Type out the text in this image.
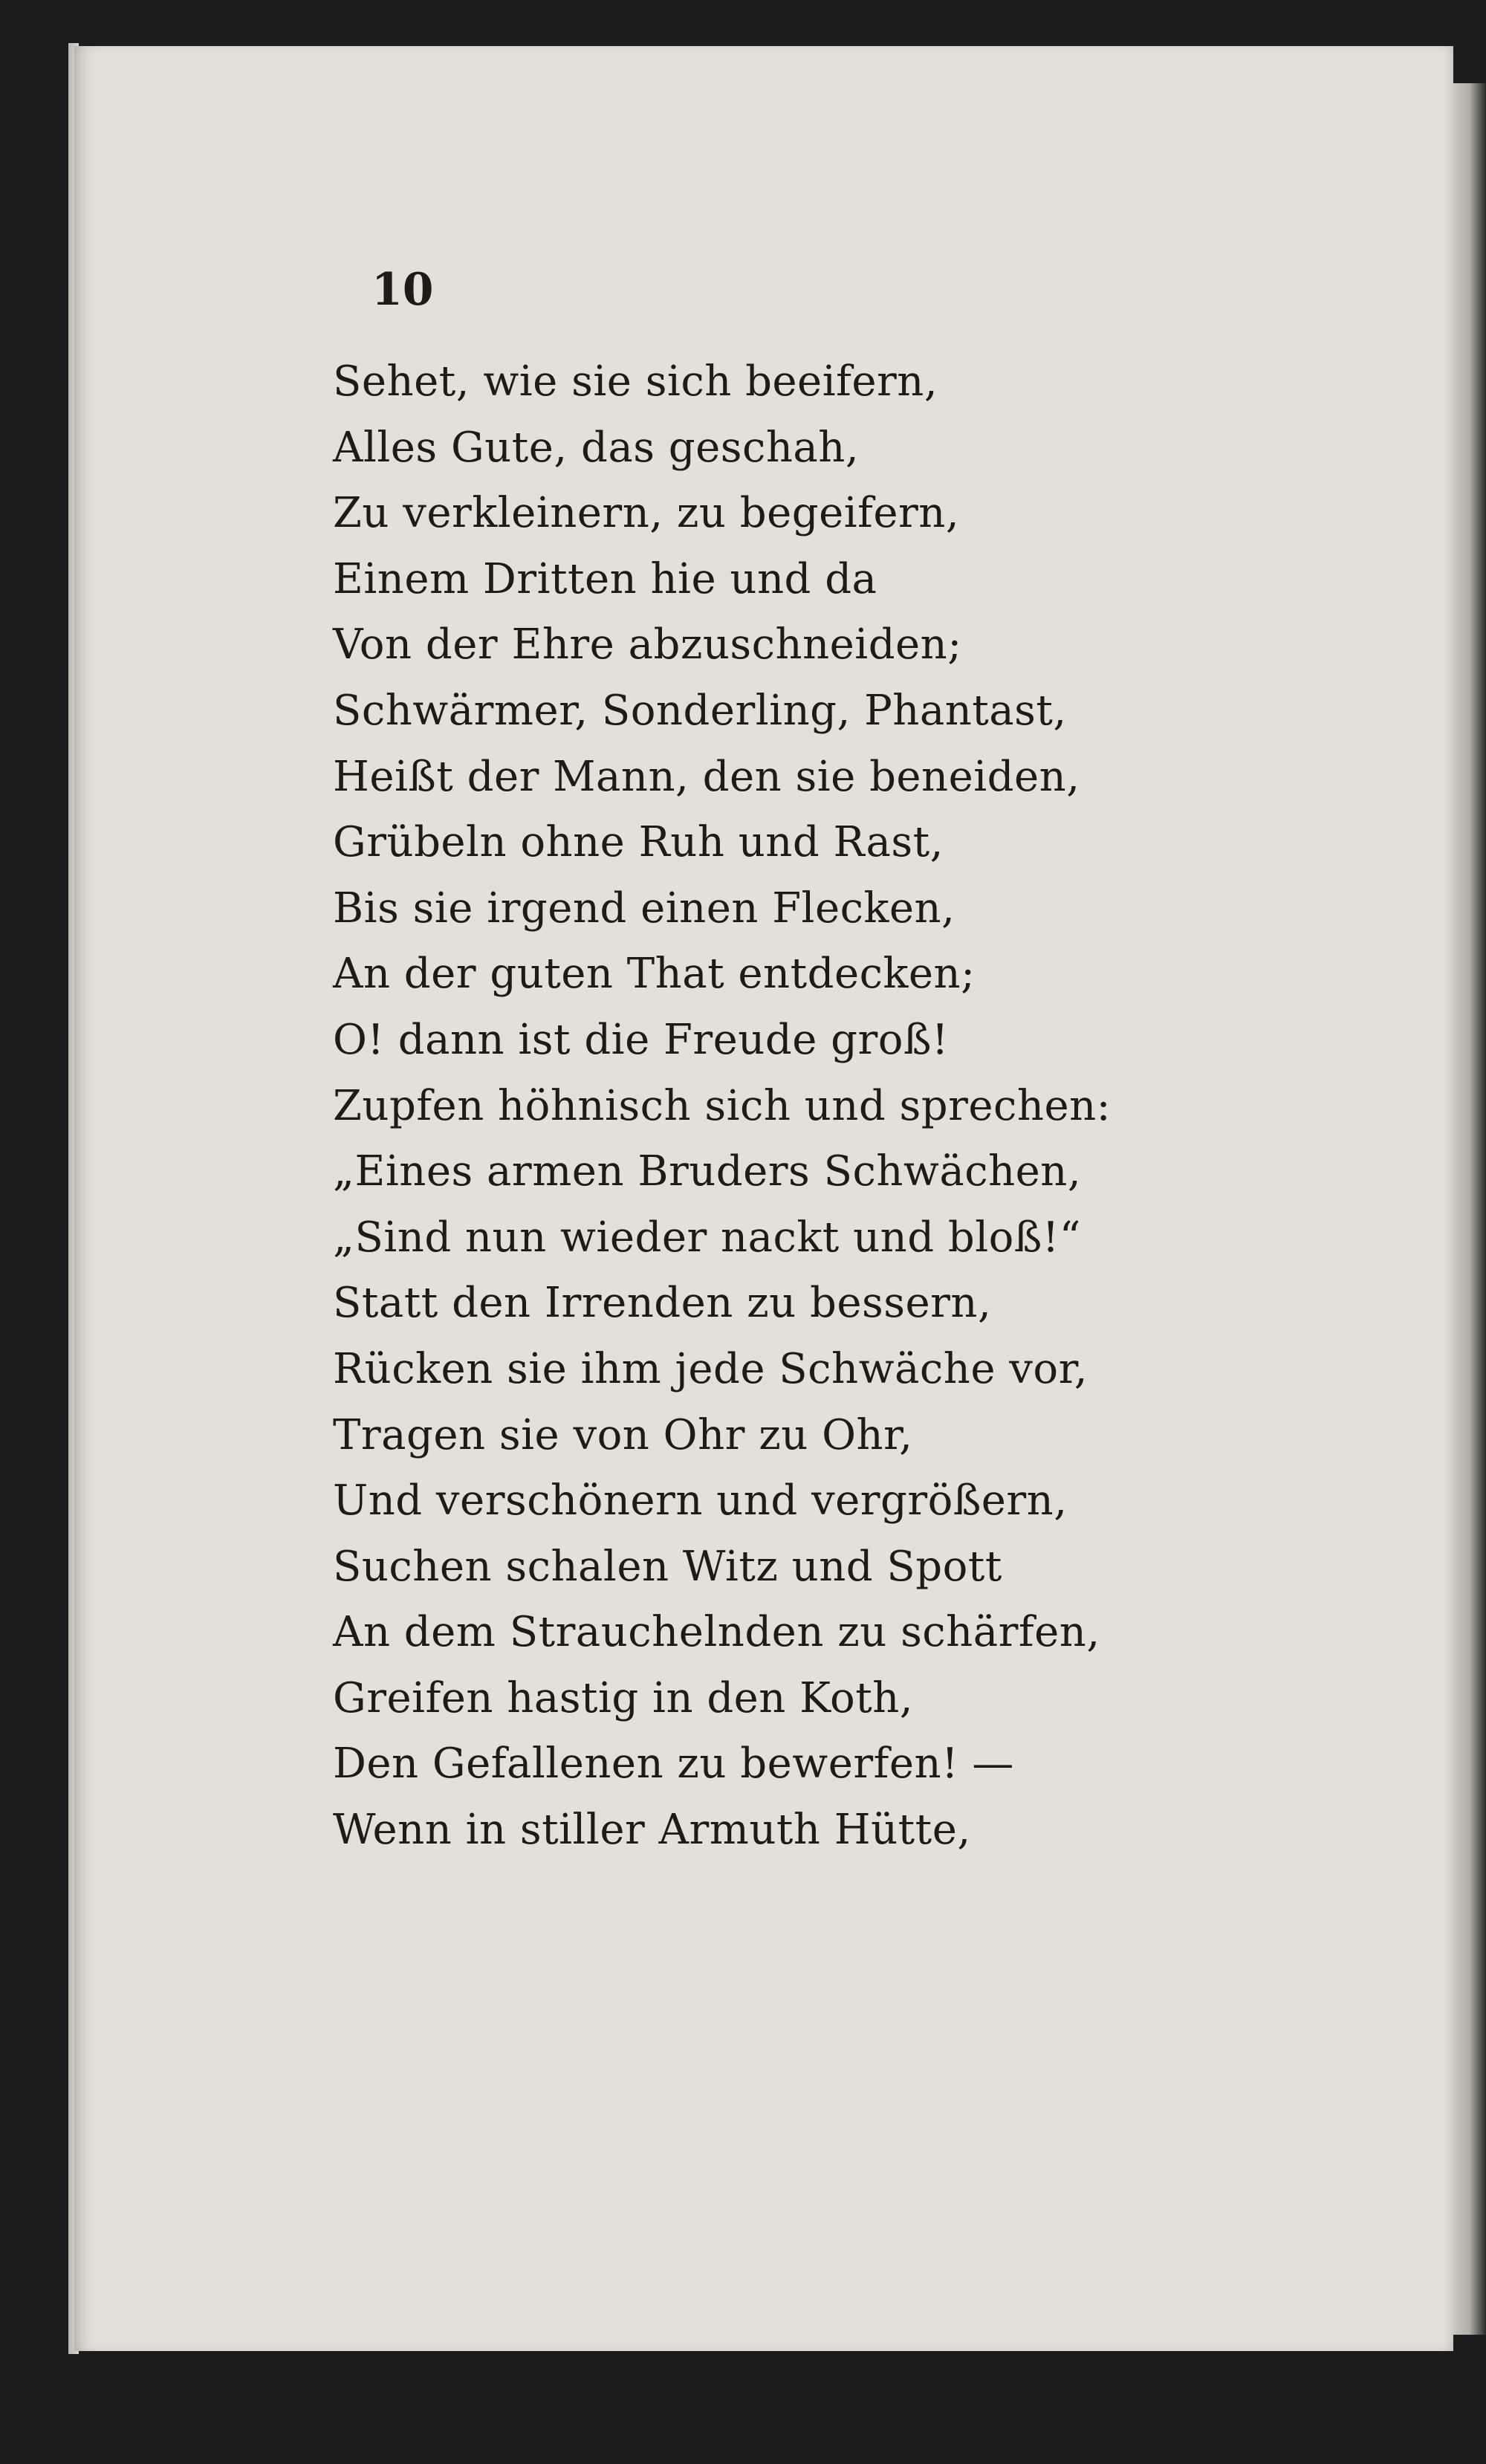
10
Sehet, wie sie sich beeifern,
Alles Gute, das geschah,
Zu verkleinern, zu begeifern,
Einem Dritten hie und da
Von der Ehre abzuschneiden;
Schwärmer, Sonderling, Phantast,
Heißt der Mann, den sie beneiden,
Grübeln ohne Ruh und Rast,
Bis sie irgend einen Flecken,
An der guten That entdecken;
O! dann ist die Freude groß!
Zupfen höhnisch sich und sprechen:
„Eines armen Bruders Schwächen,
„Sind nun wieder nackt und bloß!“
Statt den Irrenden zu bessern,
Rücken sie ihm jede Schwäche vor,
Tragen sie von Ohr zu Ohr,
Und verschönern und vergrößern,
Suchen schalen Witz und Spott
An dem Strauchelnden zu schärfen,
Greifen hastig in den Koth,
Den Gefallenen zu bewerfen! —
Wenn in stiller Armuth Hütte,
